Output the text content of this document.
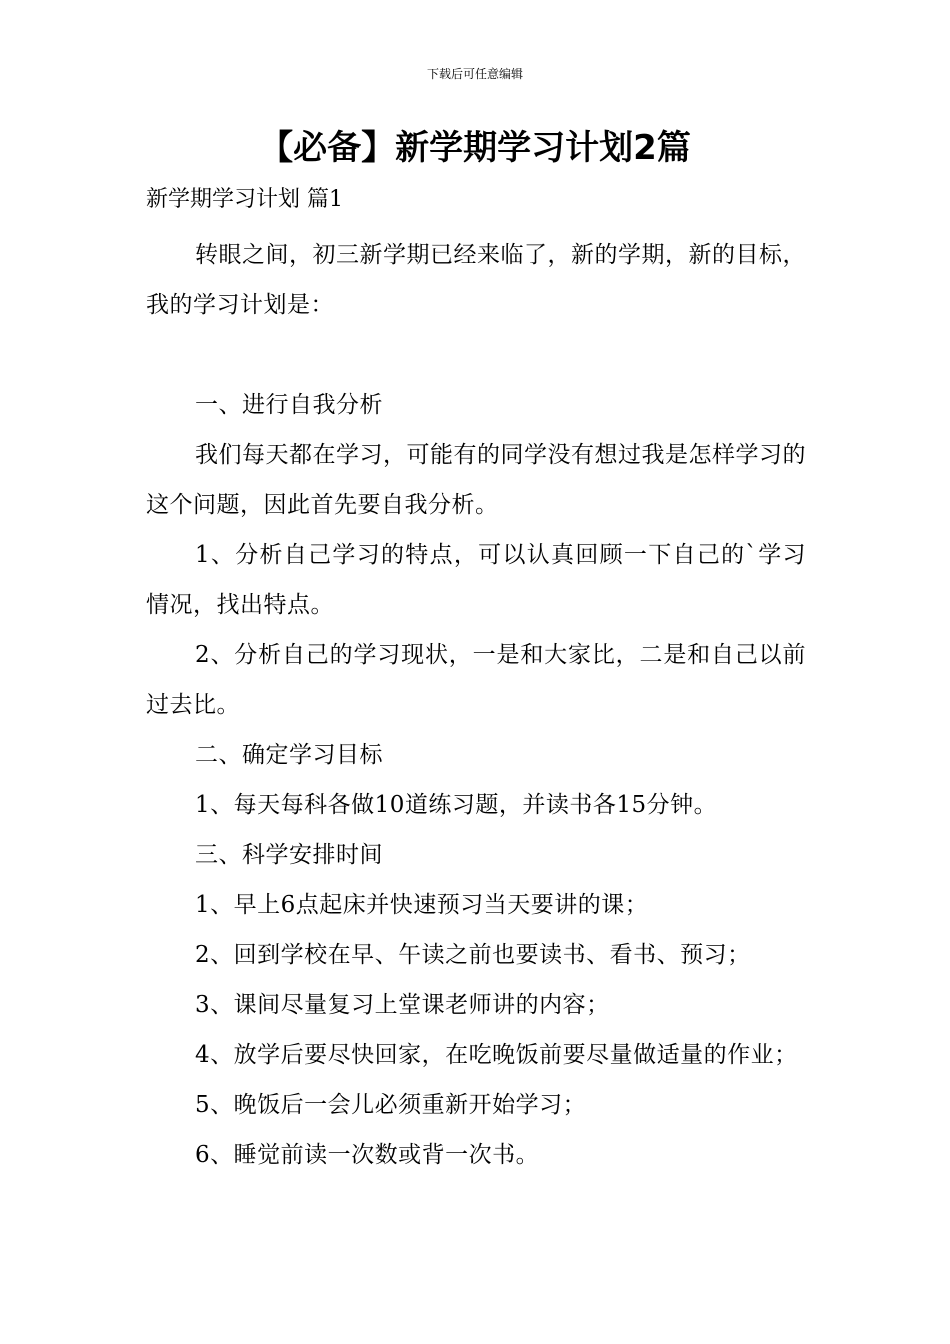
下载后可任意编辑
【必备】新学期学习计划2篇

新学期学习计划 篇1

转眼之间，初三新学期已经来临了，新的学期，新的目标，我的学习计划是：

一、进行自我分析

我们每天都在学习，可能有的同学没有想过我是怎样学习的这个问题，因此首先要自我分析。

1、分析自己学习的特点，可以认真回顾一下自己的`学习情况，找出特点。

2、分析自己的学习现状，一是和大家比，二是和自己以前过去比。

二、确定学习目标

1、每天每科各做10道练习题，并读书各15分钟。

三、科学安排时间

1、早上6点起床并快速预习当天要讲的课；

2、回到学校在早、午读之前也要读书、看书、预习；

3、课间尽量复习上堂课老师讲的内容；

4、放学后要尽快回家，在吃晚饭前要尽量做适量的作业；

5、晚饭后一会儿必须重新开始学习；

6、睡觉前读一次数或背一次书。
